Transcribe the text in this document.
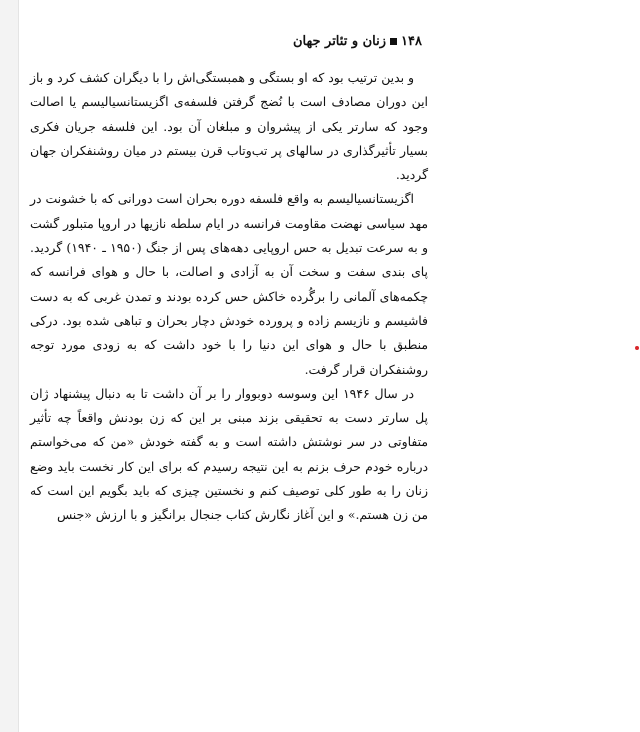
۱۴۸
زنان و تئاتر جهان

و بدین ترتیب بود که او بستگی و همبستگی‌اش را با دیگران کشف کرد و باز این دوران مصادف است با نُضج گرفتن فلسفه‌ی اگزیستانسیالیسم یا اصالت وجود که سارتر یکی از پیشروان و مبلغان آن بود. این فلسفه جریان فکری بسیار تأثیرگذاری در سالهای پر تب‌وتاب قرن بیستم در میان روشنفکران جهان گردید.

اگزیستانسیالیسم به واقع فلسفه دوره بحران است دورانی که با خشونت در مهد سیاسی نهضت مقاومت فرانسه در ایام سلطه نازیها در اروپا متبلور گشت و به سرعت تبدیل به حس اروپایی دهه‌های پس از جنگ (۱۹۵۰ ـ ۱۹۴۰) گردید. پای بندی سفت و سخت آن به آزادی و اصالت، با حال و هوای فرانسه که چکمه‌های آلمانی را برگُرده خاکش حس کرده بودند و تمدن غربی که به دست فاشیسم و نازیسم زاده و پرورده خودش دچار بحران و تباهی شده بود. درکی منطبق با حال و هوای این دنیا را با خود داشت که به زودی مورد توجه روشنفکران قرار گرفت.

در سال ۱۹۴۶ این وسوسه دوبووار را بر آن داشت تا به دنبال پیشنهاد ژان پل سارتر دست به تحقیقی بزند مبنی بر این که زن بودنش واقعاً چه تأثیر متفاوتی در سر نوشتش داشته است و به گفته خودش «من که می‌خواستم درباره خودم حرف بزنم به این نتیجه رسیدم که برای این کار نخست باید وضع زنان را به طور کلی توصیف کنم و نخستین چیزی که باید بگویم این است که من زن هستم.» و این آغاز نگارش کتاب جنجال برانگیز و با ارزش «جنس
